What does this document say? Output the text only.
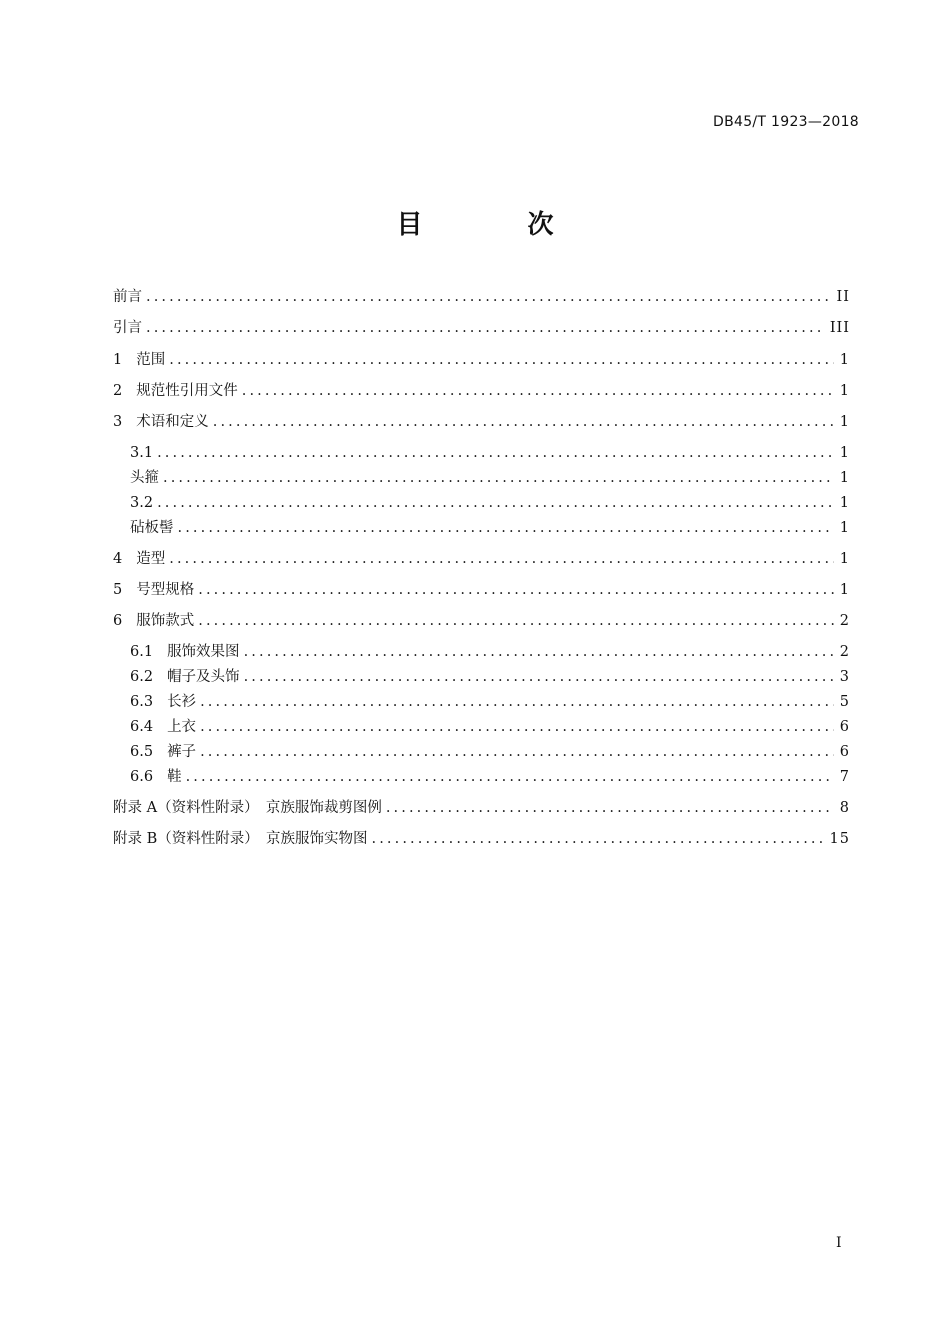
DB45/T 1923—2018
目 次
前言 .....	II
引言 .....	III
1 范围 .....	1
2 规范性引用文件 .....	1
3 术语和定义 .....	1
3.1 .....	1
头箍 .....	1
3.2 .....	1
砧板髻 .....	1
4 造型 .....	1
5 号型规格 .....	1
6 服饰款式 .....	2
6.1 服饰效果图 .....	2
6.2 帽子及头饰 .....	3
6.3 长衫 .....	5
6.4 上衣 .....	6
6.5 裤子 .....	6
6.6 鞋 .....	7
附录 A（资料性附录）　京族服饰裁剪图例 .....	8
附录 B（资料性附录）　京族服饰实物图 .....	15
I
